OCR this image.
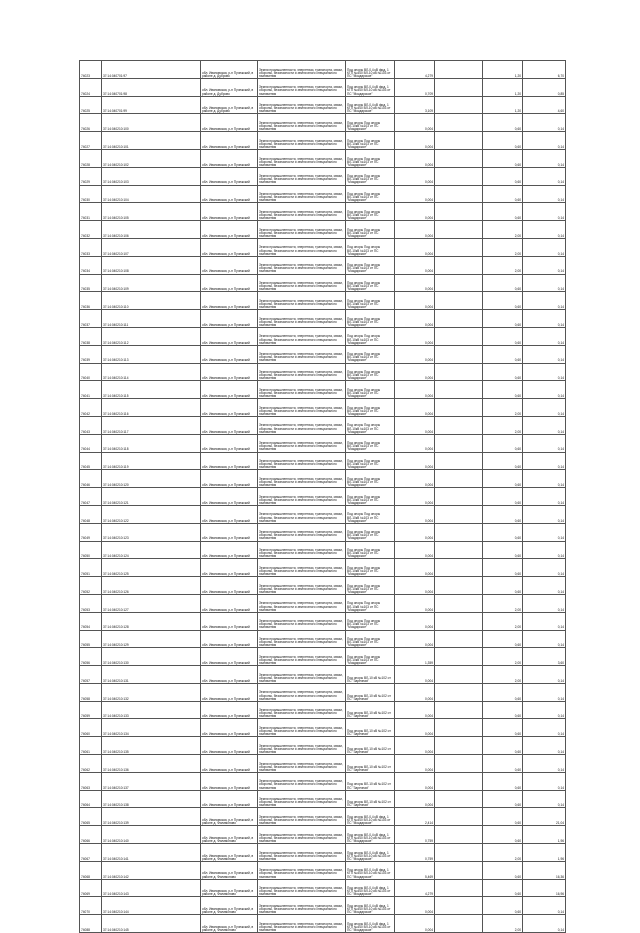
74023	37:14:040701:97	обл. Ивановская, р-н Пучежский, в районе д. Дуброво	Земли промышленности, энергетики, транспорта, связи, обороны, безопасности и земли иного специального назначения	Под опоры ВЛ-0,4 кВ фид. 1 КТП №440 ВЛ-10 кВ №103 от ПС "Мокдарское"	4,279		1,20	6,70
74024	37:14:040701:98	обл. Ивановская, р-н Пучежский, в районе д. Дуброво	Земли промышленности, энергетики, транспорта, связи, обороны, безопасности и земли иного специального назначения	Под опоры ВЛ-0,4 кВ фид. 1 КТП №440 ВЛ-10 кВ №103 от ПС "Мокдарское"	0,709		1,20	0,85
74025	37:14:040701:99	обл. Ивановская, р-н Пучежский, в районе д. Дуброво	Земли промышленности, энергетики, транспорта, связи, обороны, безопасности и земли иного специального назначения	Под опоры ВЛ-0,4 кВ фид. 1 КТП №440 ВЛ-10 кВ №103 от ПС "Мокдарское"	3,109		1,20	4,60
74026	37:14:040210:100	обл. Ивановская, р-н Пучежский	Земли промышленности, энергетики, транспорта, связи, обороны, безопасности и земли иного специального назначения	Под опоры Под опоры ВЛ-10кВ №103 от ПС "Мокдарское"	0,004		0,60	0,14
74027	37:14:040210:101	обл. Ивановская, р-н Пучежский	Земли промышленности, энергетики, транспорта, связи, обороны, безопасности и земли иного специального назначения	Под опоры Под опоры ВЛ-10кВ №103 от ПС "Мокдарское"	0,004		0,60	0,14
74028	37:14:040210:102	обл. Ивановская, р-н Пучежский	Земли промышленности, энергетики, транспорта, связи, обороны, безопасности и земли иного специального назначения	Под опоры Под опоры ВЛ-10кВ №103 от ПС "Мокдарское"	0,004		0,60	0,14
74029	37:14:040210:103	обл. Ивановская, р-н Пучежский	Земли промышленности, энергетики, транспорта, связи, обороны, безопасности и земли иного специального назначения	Под опоры Под опоры ВЛ-10кВ №103 от ПС "Мокдарское"	0,004		0,60	0,14
74030	37:14:040210:104	обл. Ивановская, р-н Пучежский	Земли промышленности, энергетики, транспорта, связи, обороны, безопасности и земли иного специального назначения	Под опоры Под опоры ВЛ-10кВ №103 от ПС "Мокдарское"	0,004		0,60	0,14
74031	37:14:040210:105	обл. Ивановская, р-н Пучежский	Земли промышленности, энергетики, транспорта, связи, обороны, безопасности и земли иного специального назначения	Под опоры Под опоры ВЛ-10кВ №103 от ПС "Мокдарское"	0,004		0,60	0,14
74032	37:14:040210:106	обл. Ивановская, р-н Пучежский	Земли промышленности, энергетики, транспорта, связи, обороны, безопасности и земли иного специального назначения	Под опоры Под опоры ВЛ-10кВ №103 от ПС "Мокдарское"	0,004		2,00	0,14
74033	37:14:040210:107	обл. Ивановская, р-н Пучежский	Земли промышленности, энергетики, транспорта, связи, обороны, безопасности и земли иного специального назначения	Под опоры Под опоры ВЛ-10кВ №103 от ПС "Мокдарское"	0,004		2,00	0,14
74034	37:14:040210:108	обл. Ивановская, р-н Пучежский	Земли промышленности, энергетики, транспорта, связи, обороны, безопасности и земли иного специального назначения	Под опоры Под опоры ВЛ-10кВ №103 от ПС "Мокдарское"	0,004		2,00	0,14
74035	37:14:040210:109	обл. Ивановская, р-н Пучежский	Земли промышленности, энергетики, транспорта, связи, обороны, безопасности и земли иного специального назначения	Под опоры Под опоры ВЛ-10кВ №103 от ПС "Мокдарское"	0,004		0,60	0,14
74036	37:14:040210:110	обл. Ивановская, р-н Пучежский	Земли промышленности, энергетики, транспорта, связи, обороны, безопасности и земли иного специального назначения	Под опоры Под опоры ВЛ-10кВ №103 от ПС "Мокдарское"	0,004		0,60	0,14
74037	37:14:040210:111	обл. Ивановская, р-н Пучежский	Земли промышленности, энергетики, транспорта, связи, обороны, безопасности и земли иного специального назначения	Под опоры Под опоры ВЛ-10кВ №103 от ПС "Мокдарское"	0,004		0,60	0,14
74038	37:14:040210:112	обл. Ивановская, р-н Пучежский	Земли промышленности, энергетики, транспорта, связи, обороны, безопасности и земли иного специального назначения	Под опоры Под опоры ВЛ-10кВ №103 от ПС "Мокдарское"	0,004		0,60	0,14
74039	37:14:040210:113	обл. Ивановская, р-н Пучежский	Земли промышленности, энергетики, транспорта, связи, обороны, безопасности и земли иного специального назначения	Под опоры Под опоры ВЛ-10кВ №103 от ПС "Мокдарское"	0,004		0,60	0,14
74040	37:14:040210:114	обл. Ивановская, р-н Пучежский	Земли промышленности, энергетики, транспорта, связи, обороны, безопасности и земли иного специального назначения	Под опоры Под опоры ВЛ-10кВ №103 от ПС "Мокдарское"	0,004		0,60	0,14
74041	37:14:040210:115	обл. Ивановская, р-н Пучежский	Земли промышленности, энергетики, транспорта, связи, обороны, безопасности и земли иного специального назначения	Под опоры Под опоры ВЛ-10кВ №103 от ПС "Мокдарское"	0,004		0,60	0,14
74042	37:14:040210:116	обл. Ивановская, р-н Пучежский	Земли промышленности, энергетики, транспорта, связи, обороны, безопасности и земли иного специального назначения	Под опоры Под опоры ВЛ-10кВ №103 от ПС "Мокдарское"	0,004		2,00	0,14
74043	37:14:040210:117	обл. Ивановская, р-н Пучежский	Земли промышленности, энергетики, транспорта, связи, обороны, безопасности и земли иного специального назначения	Под опоры Под опоры ВЛ-10кВ №103 от ПС "Мокдарское"	0,004		2,00	0,14
74044	37:14:040210:118	обл. Ивановская, р-н Пучежский	Земли промышленности, энергетики, транспорта, связи, обороны, безопасности и земли иного специального назначения	Под опоры Под опоры ВЛ-10кВ №103 от ПС "Мокдарское"	0,004		0,60	0,14
74045	37:14:040210:119	обл. Ивановская, р-н Пучежский	Земли промышленности, энергетики, транспорта, связи, обороны, безопасности и земли иного специального назначения	Под опоры Под опоры ВЛ-10кВ №103 от ПС "Мокдарское"	0,004		0,60	0,14
74046	37:14:040210:120	обл. Ивановская, р-н Пучежский	Земли промышленности, энергетики, транспорта, связи, обороны, безопасности и земли иного специального назначения	Под опоры Под опоры ВЛ-10кВ №103 от ПС "Мокдарское"	0,004		0,60	0,14
74047	37:14:040210:121	обл. Ивановская, р-н Пучежский	Земли промышленности, энергетики, транспорта, связи, обороны, безопасности и земли иного специального назначения	Под опоры Под опоры ВЛ-10кВ №103 от ПС "Мокдарское"	0,004		0,60	0,14
74048	37:14:040210:122	обл. Ивановская, р-н Пучежский	Земли промышленности, энергетики, транспорта, связи, обороны, безопасности и земли иного специального назначения	Под опоры Под опоры ВЛ-10кВ №103 от ПС "Мокдарское"	0,004		0,60	0,14
74049	37:14:040210:123	обл. Ивановская, р-н Пучежский	Земли промышленности, энергетики, транспорта, связи, обороны, безопасности и земли иного специального назначения	Под опоры Под опоры ВЛ-10кВ №103 от ПС "Мокдарское"	0,004		0,60	0,14
74050	37:14:040210:124	обл. Ивановская, р-н Пучежский	Земли промышленности, энергетики, транспорта, связи, обороны, безопасности и земли иного специального назначения	Под опоры Под опоры ВЛ-10кВ №103 от ПС "Мокдарское"	0,004		0,60	0,14
74051	37:14:040210:125	обл. Ивановская, р-н Пучежский	Земли промышленности, энергетики, транспорта, связи, обороны, безопасности и земли иного специального назначения	Под опоры Под опоры ВЛ-10кВ №103 от ПС "Мокдарское"	0,004		0,60	0,14
74052	37:14:040210:126	обл. Ивановская, р-н Пучежский	Земли промышленности, энергетики, транспорта, связи, обороны, безопасности и земли иного специального назначения	Под опоры Под опоры ВЛ-10кВ №103 от ПС "Мокдарское"	0,004		0,60	0,14
74053	37:14:040210:127	обл. Ивановская, р-н Пучежский	Земли промышленности, энергетики, транспорта, связи, обороны, безопасности и земли иного специального назначения	Под опоры Под опоры ВЛ-10кВ №103 от ПС "Мокдарское"	0,004		2,00	0,14
74054	37:14:040210:128	обл. Ивановская, р-н Пучежский	Земли промышленности, энергетики, транспорта, связи, обороны, безопасности и земли иного специального назначения	Под опоры Под опоры ВЛ-10кВ №103 от ПС "Мокдарское"	0,004		2,00	0,14
74055	37:14:040210:129	обл. Ивановская, р-н Пучежский	Земли промышленности, энергетики, транспорта, связи, обороны, безопасности и земли иного специального назначения	Под опоры Под опоры ВЛ-10кВ №103 от ПС "Мокдарское"	0,004		0,60	0,14
74056	37:14:040210:130	обл. Ивановская, р-н Пучежский	Земли промышленности, энергетики, транспорта, связи, обороны, безопасности и земли иного специального назначения	Под опоры Под опоры ВЛ-10кВ №103 от ПС "Мокдарское"	1,359		2,00	3,60
74057	37:14:040210:131	обл. Ивановская, р-н Пучежский	Земли промышленности, энергетики, транспорта, связи, обороны, безопасности и земли иного специального назначения	Под опоры ВЛ-10 кВ №102 от ПС "Заречная"	0,004		2,00	0,14
74058	37:14:040210:132	обл. Ивановская, р-н Пучежский	Земли промышленности, энергетики, транспорта, связи, обороны, безопасности и земли иного специального назначения	Под опоры ВЛ-10 кВ №102 от ПС "Заречная"	0,004		0,60	0,14
74059	37:14:040210:133	обл. Ивановская, р-н Пучежский	Земли промышленности, энергетики, транспорта, связи, обороны, безопасности и земли иного специального назначения	Под опоры ВЛ-10 кВ №102 от ПС "Заречная"	0,004		0,60	0,14
74060	37:14:040210:134	обл. Ивановская, р-н Пучежский	Земли промышленности, энергетики, транспорта, связи, обороны, безопасности и земли иного специального назначения	Под опоры ВЛ-10 кВ №102 от ПС "Заречная"	0,004		0,60	0,14
74061	37:14:040210:135	обл. Ивановская, р-н Пучежский	Земли промышленности, энергетики, транспорта, связи, обороны, безопасности и земли иного специального назначения	Под опоры ВЛ-10 кВ №102 от ПС "Заречная"	0,004		0,60	0,14
74062	37:14:040210:136	обл. Ивановская, р-н Пучежский	Земли промышленности, энергетики, транспорта, связи, обороны, безопасности и земли иного специального назначения	Под опоры ВЛ-10 кВ №102 от ПС "Заречная"	0,004		0,60	0,14
74063	37:14:040210:137	обл. Ивановская, р-н Пучежский	Земли промышленности, энергетики, транспорта, связи, обороны, безопасности и земли иного специального назначения	Под опоры ВЛ-10 кВ №102 от ПС "Заречная"	0,004		0,60	0,14
74064	37:14:040210:138	обл. Ивановская, р-н Пучежский	Земли промышленности, энергетики, транспорта, связи, обороны, безопасности и земли иного специального назначения	Под опоры ВЛ-10 кВ №102 от ПС "Заречная"	0,004		0,60	0,14
74065	37:14:040210:139	обл. Ивановская, р-н Пучежский, в районе д. Филимоново	Земли промышленности, энергетики, транспорта, связи, обороны, безопасности и земли иного специального назначения	Под опоры ВЛ-0,4 кВ фид. 1 КТП №440 ВЛ-10 кВ №103 от ПС "Мокдарское"	2,414		0,60	21,04
74066	37:14:040210:140	обл. Ивановская, р-н Пучежский, в районе д. Филимоново	Земли промышленности, энергетики, транспорта, связи, обороны, безопасности и земли иного специального назначения	Под опоры ВЛ-0,4 кВ фид. 1 КТП №440 ВЛ-10 кВ №103 от ПС "Мокдарское"	0,759		0,60	1,96
74067	37:14:040210:141	обл. Ивановская, р-н Пучежский, в районе д. Филимоново	Земли промышленности, энергетики, транспорта, связи, обороны, безопасности и земли иного специального назначения	Под опоры ВЛ-0,4 кВ фид. 1 КТП №440 ВЛ-10 кВ №103 от ПС "Мокдарское"	0,759		2,00	1,96
74068	37:14:040210:142	обл. Ивановская, р-н Пучежский, в районе д. Филимоново	Земли промышленности, энергетики, транспорта, связи, обороны, безопасности и земли иного специального назначения	Под опоры ВЛ-0,4 кВ фид. 1 КТП №440 ВЛ-10 кВ №103 от ПС "Мокдарское"	5,469		0,60	16,36
74069	37:14:040210:143	обл. Ивановская, р-н Пучежский, в районе д. Филимоново	Земли промышленности, энергетики, транспорта, связи, обороны, безопасности и земли иного специального назначения	Под опоры ВЛ-0,4 кВ фид. 1 КТП №440 ВЛ-10 кВ №103 от ПС "Мокдарское"	4,279		0,60	16,96
74070	37:14:040210:144	обл. Ивановская, р-н Пучежский, в районе д. Филимоново	Земли промышленности, энергетики, транспорта, связи, обороны, безопасности и земли иного специального назначения	Под опоры ВЛ-0,4 кВ фид. 1 КТП №440 ВЛ-10 кВ №103 от ПС "Мокдарское"	0,004		0,60	0,14
74088	37:14:040210:145	обл. Ивановская, р-н Пучежский, в районе д. Филимоново	Земли промышленности, энергетики, транспорта, связи, обороны, безопасности и земли иного специального назначения	Под опоры ВЛ-0,4 кВ фид. 1 КТП №440 ВЛ-10 кВ №103 от ПС "Мокдарское"	0,004		2,00	0,14
